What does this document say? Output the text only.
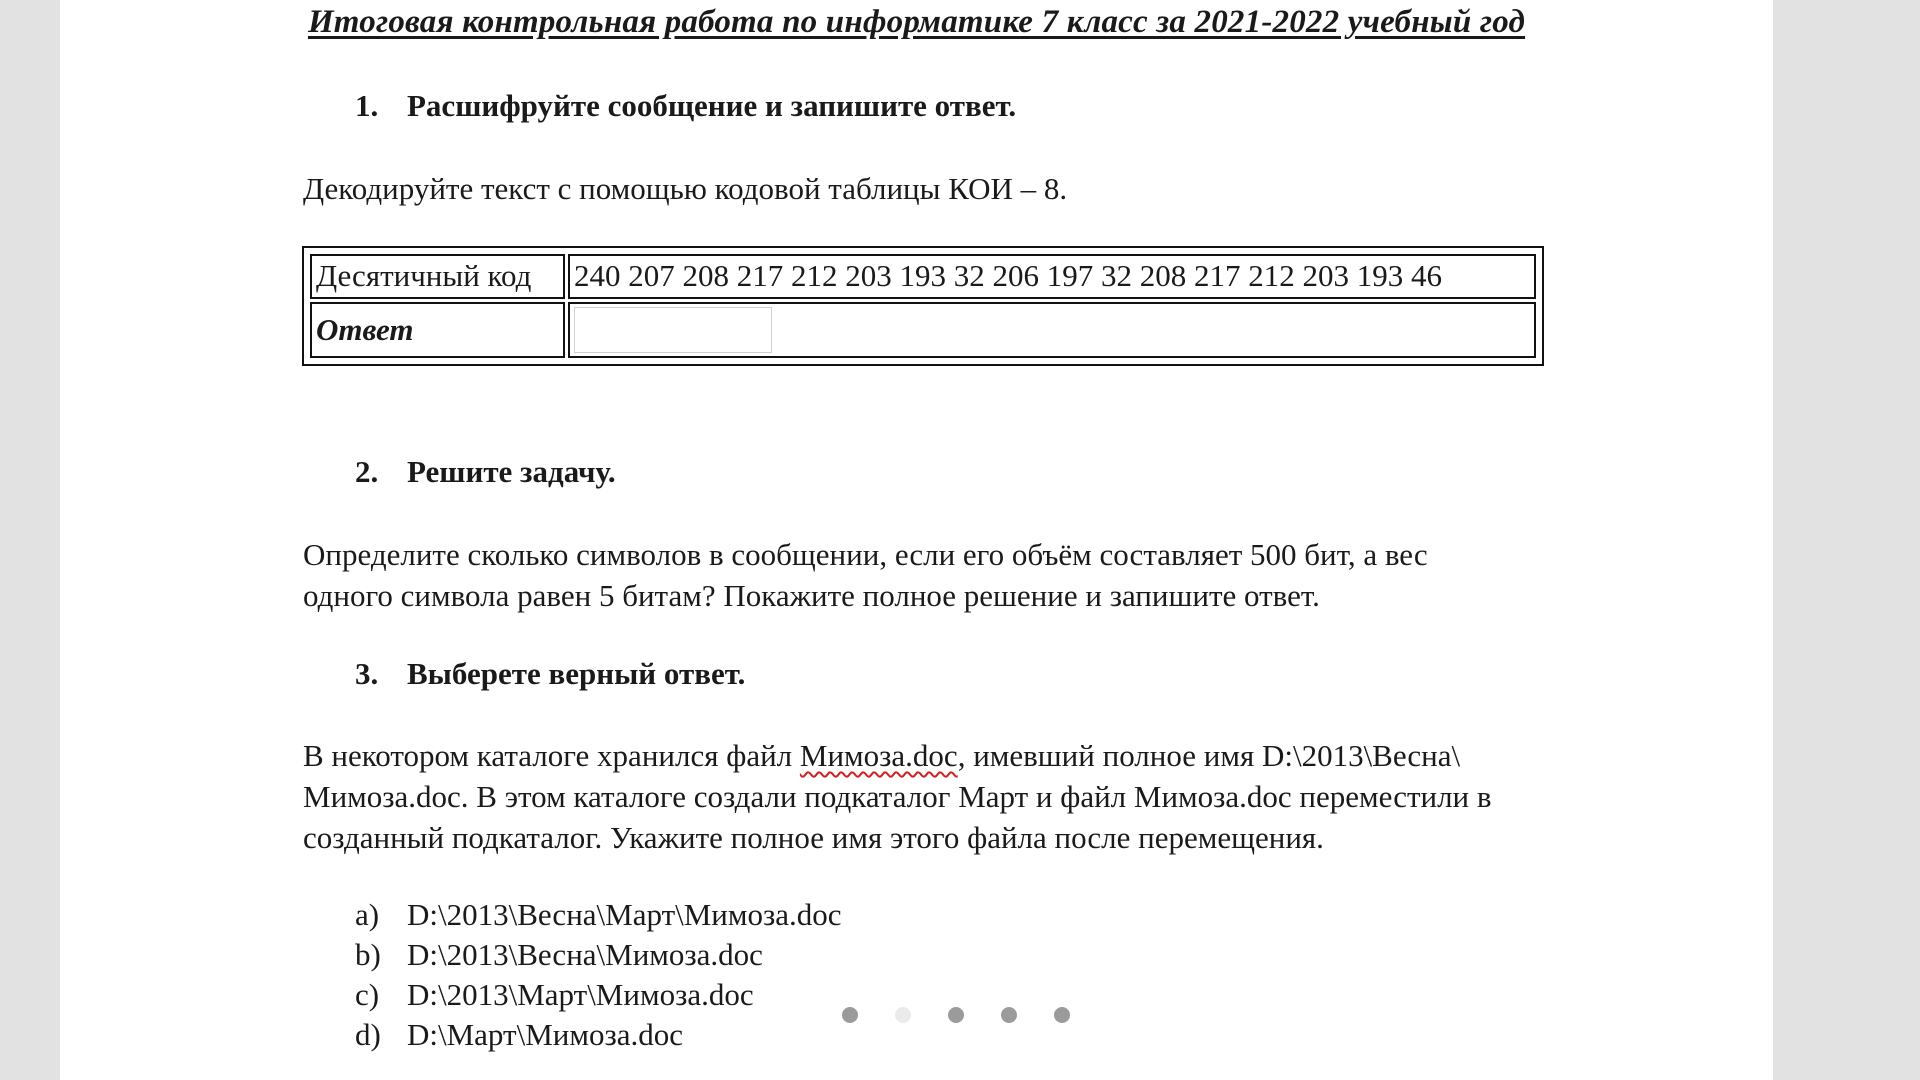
Итоговая контрольная работа по информатике 7 класс за 2021-2022 учебный год
1. Расшифруйте сообщение и запишите ответ.
Декодируйте текст с помощью кодовой таблицы КОИ – 8.
Десятичный код	240 207 208 217 212 203 193 32 206 197 32 208 217 212 203 193 46
Ответ	
2. Решите задачу.
Определите сколько символов в сообщении, если его объём составляет 500 бит, а вес
одного символа равен 5 битам? Покажите полное решение и запишите ответ.
3. Выберете верный ответ.
В некотором каталоге хранился файл Мимоза.doc, имевший полное имя D:\2013\Весна\
Мимоза.doc. В этом каталоге создали подкаталог Март и файл Мимоза.doc переместили в
созданный подкаталог. Укажите полное имя этого файла после перемещения.
a) D:\2013\Весна\Март\Мимоза.doc
b) D:\2013\Весна\Мимоза.doc
c) D:\2013\Март\Мимоза.doc
d) D:\Март\Мимоза.doc
